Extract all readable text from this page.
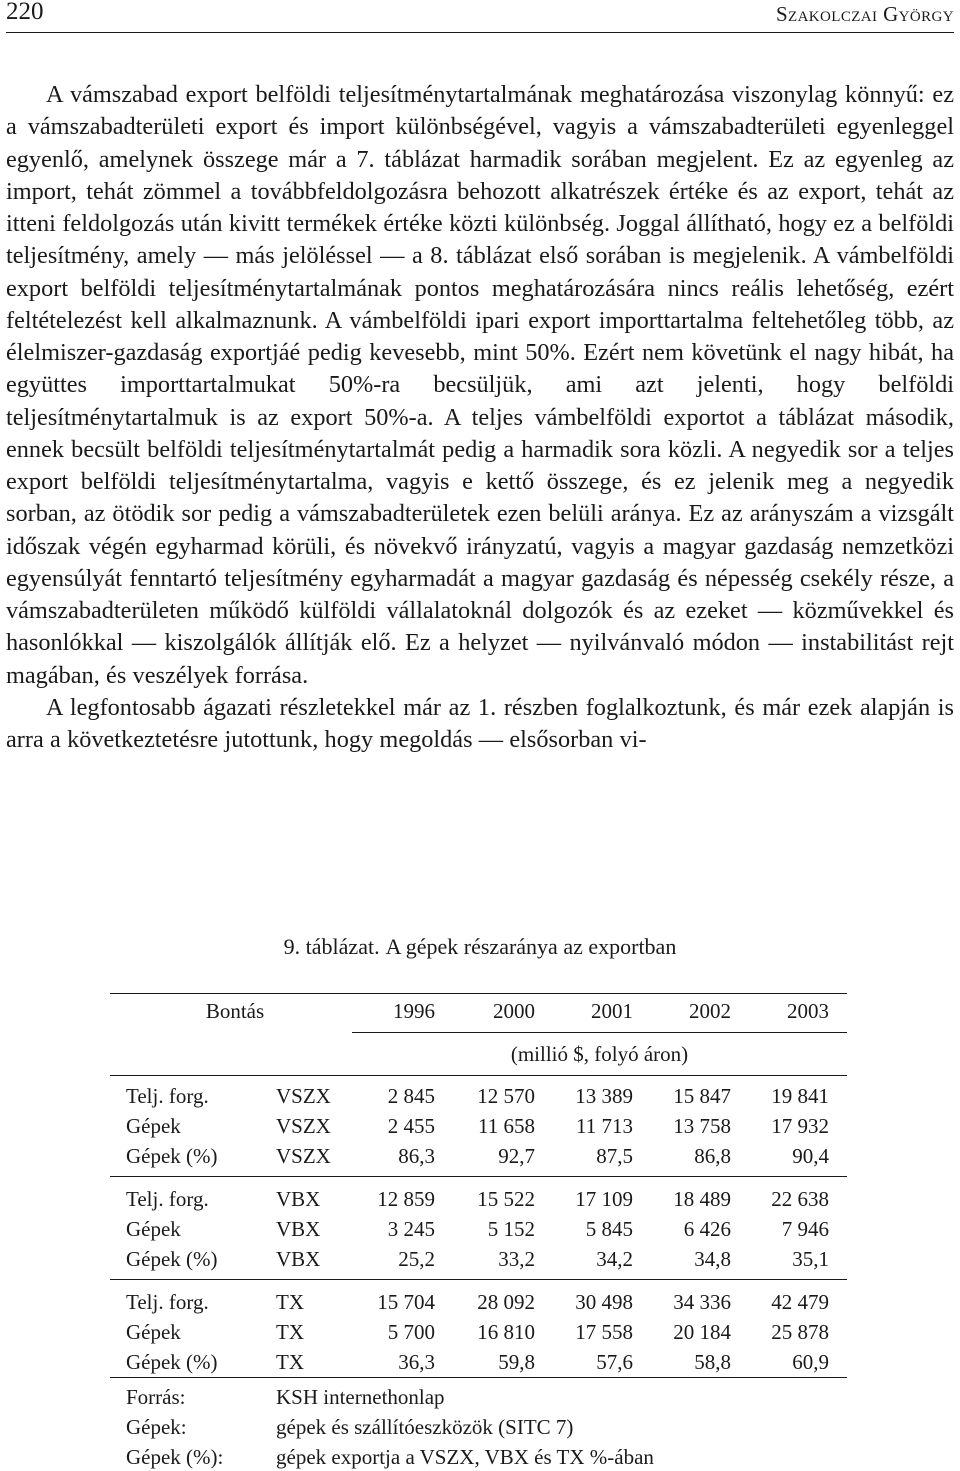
220	Szakolczai György

A vámszabad export belföldi teljesítménytartalmának meghatározása viszonylag könnyű: ez a vámszabadterületi export és import különbségével, vagyis a vámszabadterületi egyenleggel egyenlő, amelynek összege már a 7. táblázat harmadik sorában megjelent. Ez az egyenleg az import, tehát zömmel a továbbfeldolgozásra behozott alkatrészek értéke és az export, tehát az itteni feldolgozás után kivitt termékek értéke közti különbség. Joggal állítható, hogy ez a belföldi teljesítmény, amely — más jelöléssel — a 8. táblázat első sorában is megjelenik. A vámbelföldi export belföldi teljesítménytartalmának pontos meghatározására nincs reális lehetőség, ezért feltételezést kell alkalmaznunk. A vámbelföldi ipari export importtartalma feltehetőleg több, az élelmiszer-gazdaság exportjáé pedig kevesebb, mint 50%. Ezért nem követünk el nagy hibát, ha együttes importtartalmukat 50%-ra becsüljük, ami azt jelenti, hogy belföldi teljesítménytartalmuk is az export 50%-a. A teljes vámbelföldi exportot a táblázat második, ennek becsült belföldi teljesítménytartalmát pedig a harmadik sora közli. A negyedik sor a teljes export belföldi teljesítménytartalma, vagyis e kettő összege, és ez jelenik meg a negyedik sorban, az ötödik sor pedig a vámszabadterületek ezen belüli aránya. Ez az arányszám a vizsgált időszak végén egyharmad körüli, és növekvő irányzatú, vagyis a magyar gazdaság nemzetközi egyensúlyát fenntartó teljesítmény egyharmadát a magyar gazdaság és népesség csekély része, a vámszabadterületen működő külföldi vállalatoknál dolgozók és az ezeket — közművekkel és hasonlókkal — kiszolgálók állítják elő. Ez a helyzet — nyilvánvaló módon — instabilitást rejt magában, és veszélyek forrása.

A legfontosabb ágazati részletekkel már az 1. részben foglalkoztunk, és már ezek alapján is arra a következtetésre jutottunk, hogy megoldás — elsősorban vi-

9. táblázat. A gépek részaránya az exportban
Bontás	1996	2000	2001	2002	2003
(millió $, folyó áron)
Telj. forg.	VSZX	2 845	12 570	13 389	15 847	19 841
Gépek	VSZX	2 455	11 658	11 713	13 758	17 932
Gépek (%)	VSZX	86,3	92,7	87,5	86,8	90,4
Telj. forg.	VBX	12 859	15 522	17 109	18 489	22 638
Gépek	VBX	3 245	5 152	5 845	6 426	7 946
Gépek (%)	VBX	25,2	33,2	34,2	34,8	35,1
Telj. forg.	TX	15 704	28 092	30 498	34 336	42 479
Gépek	TX	5 700	16 810	17 558	20 184	25 878
Gépek (%)	TX	36,3	59,8	57,6	58,8	60,9
Forrás:	KSH internethonlap
Gépek:	gépek és szállítóeszközök (SITC 7)
Gépek (%):	gépek exportja a VSZX, VBX és TX %-ában
